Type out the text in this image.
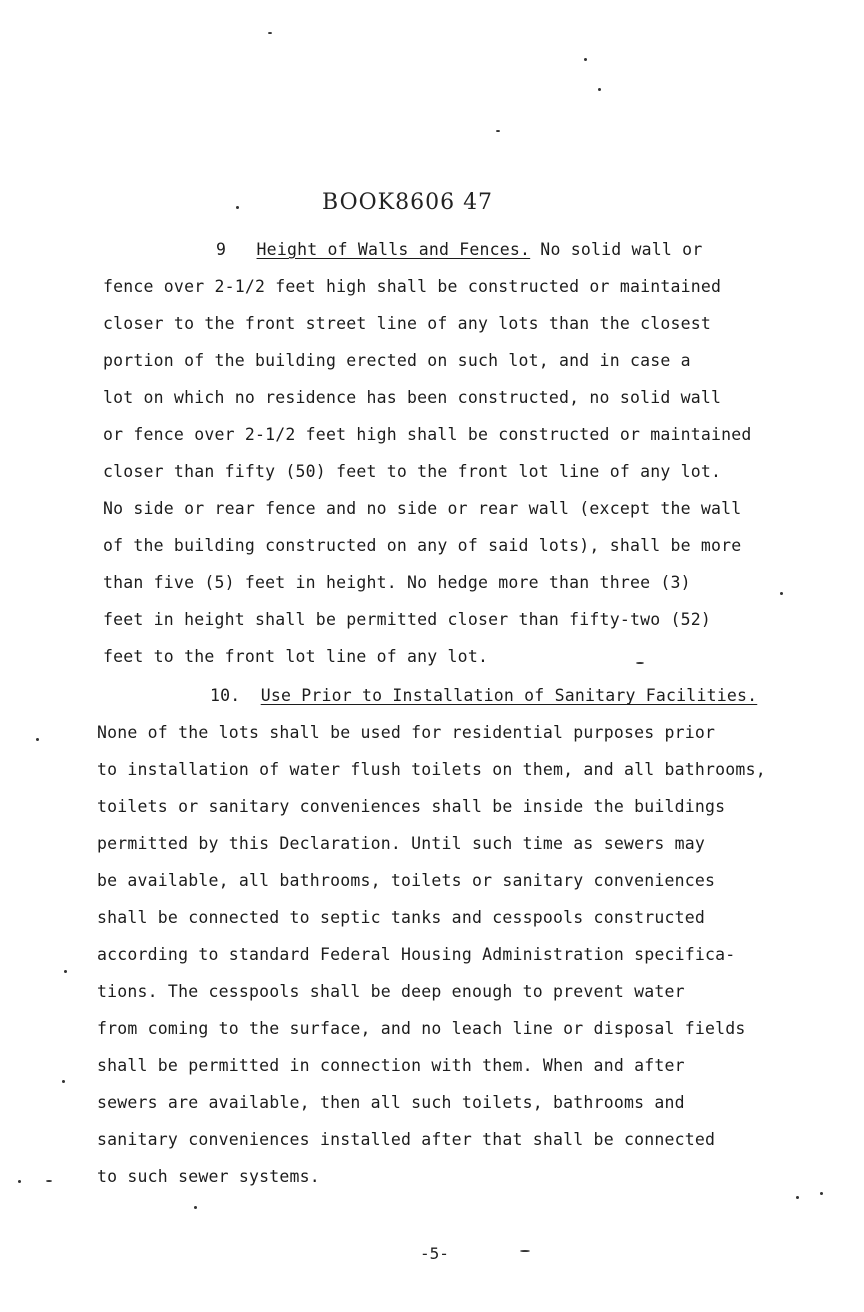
BOOK8606 47
9 Height of Walls and Fences. No solid wall or
fence over 2-1/2 feet high shall be constructed or maintained
closer to the front street line of any lots than the closest
portion of the building erected on such lot, and in case a
lot on which no residence has been constructed, no solid wall
or fence over 2-1/2 feet high shall be constructed or maintained
closer than fifty (50) feet to the front lot line of any lot.
No side or rear fence and no side or rear wall (except the wall
of the building constructed on any of said lots), shall be more
than five (5) feet in height. No hedge more than three (3)
feet in height shall be permitted closer than fifty-two (52)
feet to the front lot line of any lot.
10. Use Prior to Installation of Sanitary Facilities.
None of the lots shall be used for residential purposes prior
to installation of water flush toilets on them, and all bathrooms,
toilets or sanitary conveniences shall be inside the buildings
permitted by this Declaration. Until such time as sewers may
be available, all bathrooms, toilets or sanitary conveniences
shall be connected to septic tanks and cesspools constructed
according to standard Federal Housing Administration specifica-
tions. The cesspools shall be deep enough to prevent water
from coming to the surface, and no leach line or disposal fields
shall be permitted in connection with them. When and after
sewers are available, then all such toilets, bathrooms and
sanitary conveniences installed after that shall be connected
to such sewer systems.
-5-
